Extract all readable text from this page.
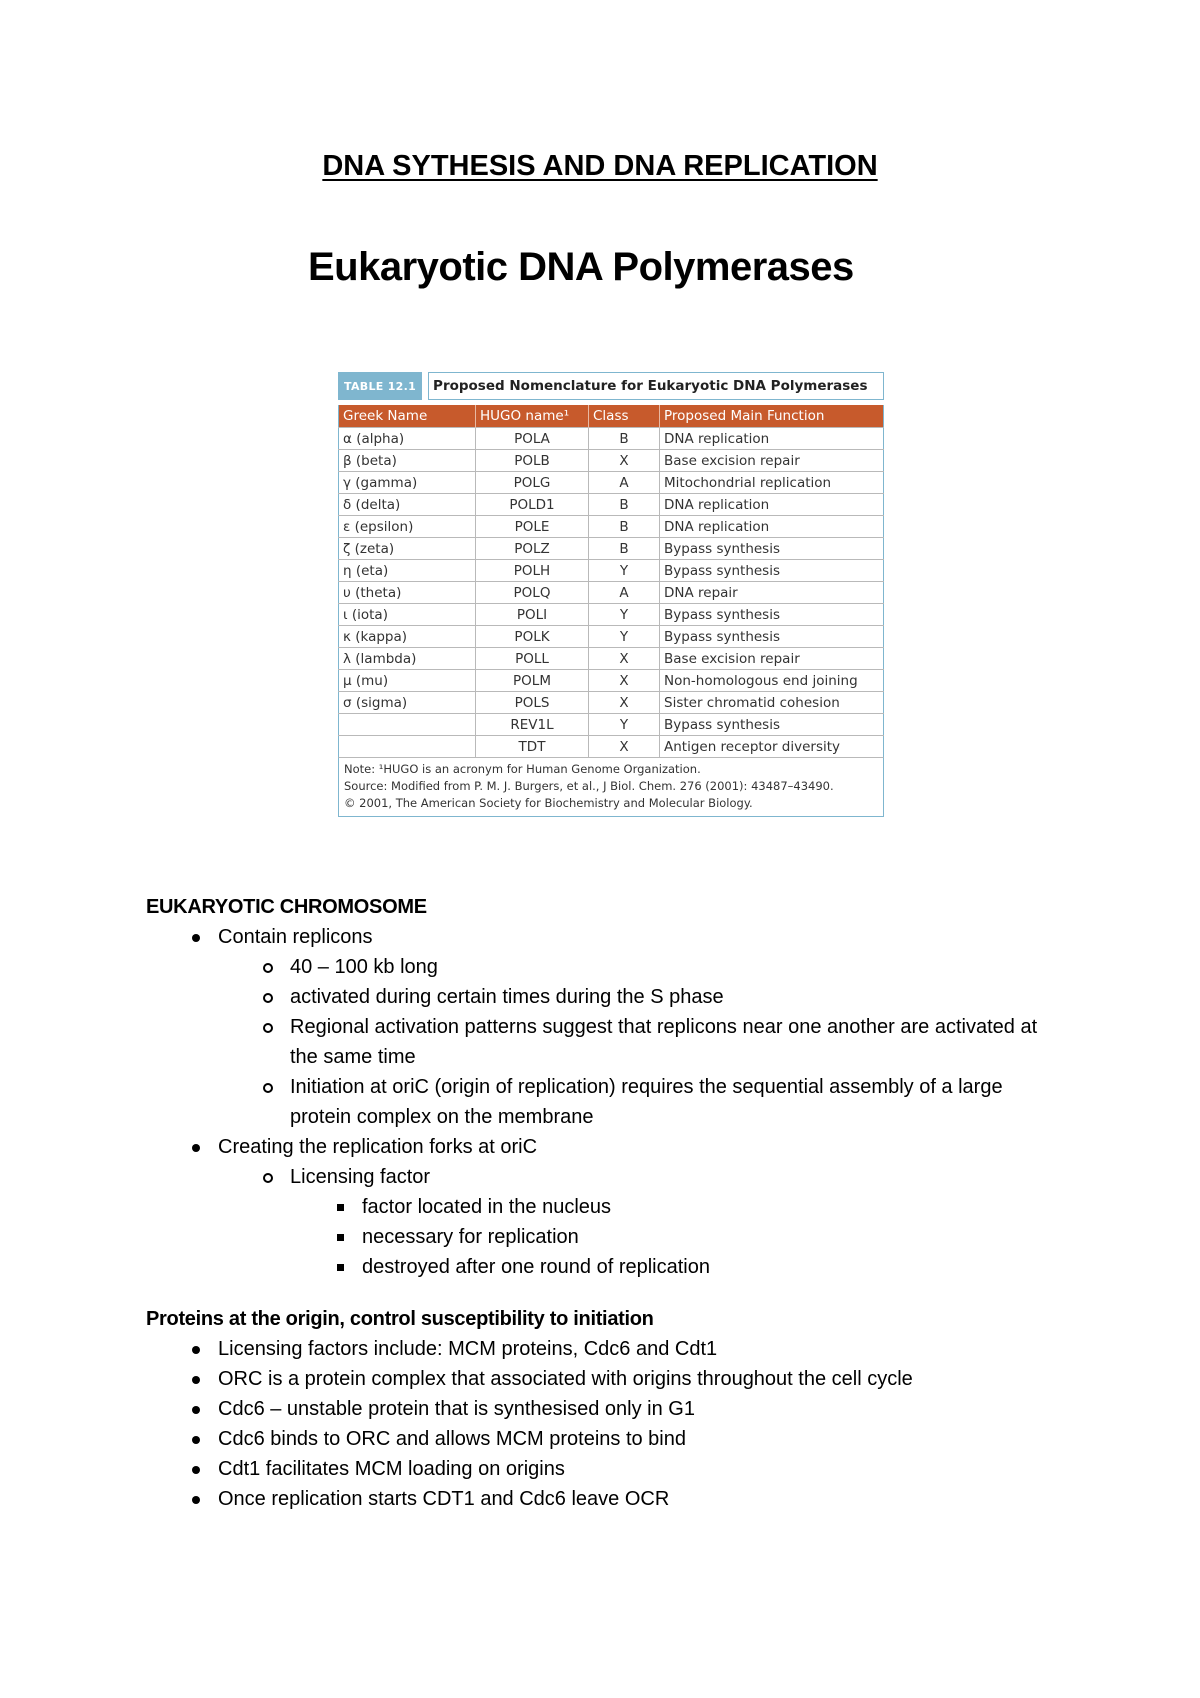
DNA SYTHESIS AND DNA REPLICATION
Eukaryotic DNA Polymerases
TABLE 12.1	Proposed Nomenclature for Eukaryotic DNA Polymerases
Greek Name	HUGO name¹	Class	Proposed Main Function
α (alpha)	POLA	B	DNA replication
β (beta)	POLB	X	Base excision repair
γ (gamma)	POLG	A	Mitochondrial replication
δ (delta)	POLD1	B	DNA replication
ε (epsilon)	POLE	B	DNA replication
ζ (zeta)	POLZ	B	Bypass synthesis
η (eta)	POLH	Y	Bypass synthesis
υ (theta)	POLQ	A	DNA repair
ι (iota)	POLI	Y	Bypass synthesis
κ (kappa)	POLK	Y	Bypass synthesis
λ (lambda)	POLL	X	Base excision repair
μ (mu)	POLM	X	Non-homologous end joining
σ (sigma)	POLS	X	Sister chromatid cohesion
	REV1L	Y	Bypass synthesis
	TDT	X	Antigen receptor diversity
Note: ¹HUGO is an acronym for Human Genome Organization.
Source: Modified from P. M. J. Burgers, et al., J Biol. Chem. 276 (2001): 43487–43490.
© 2001, The American Society for Biochemistry and Molecular Biology.

EUKARYOTIC CHROMOSOME

Contain replicons
40 – 100 kb long
activated during certain times during the S phase
Regional activation patterns suggest that replicons near one another are activated at the same time
Initiation at oriC (origin of replication) requires the sequential assembly of a large protein complex on the membrane
Creating the replication forks at oriC
Licensing factor
factor located in the nucleus
necessary for replication
destroyed after one round of replication

Proteins at the origin, control susceptibility to initiation

Licensing factors include: MCM proteins, Cdc6 and Cdt1
ORC is a protein complex that associated with origins throughout the cell cycle
Cdc6 – unstable protein that is synthesised only in G1
Cdc6 binds to ORC and allows MCM proteins to bind
Cdt1 facilitates MCM loading on origins
Once replication starts CDT1 and Cdc6 leave OCR
